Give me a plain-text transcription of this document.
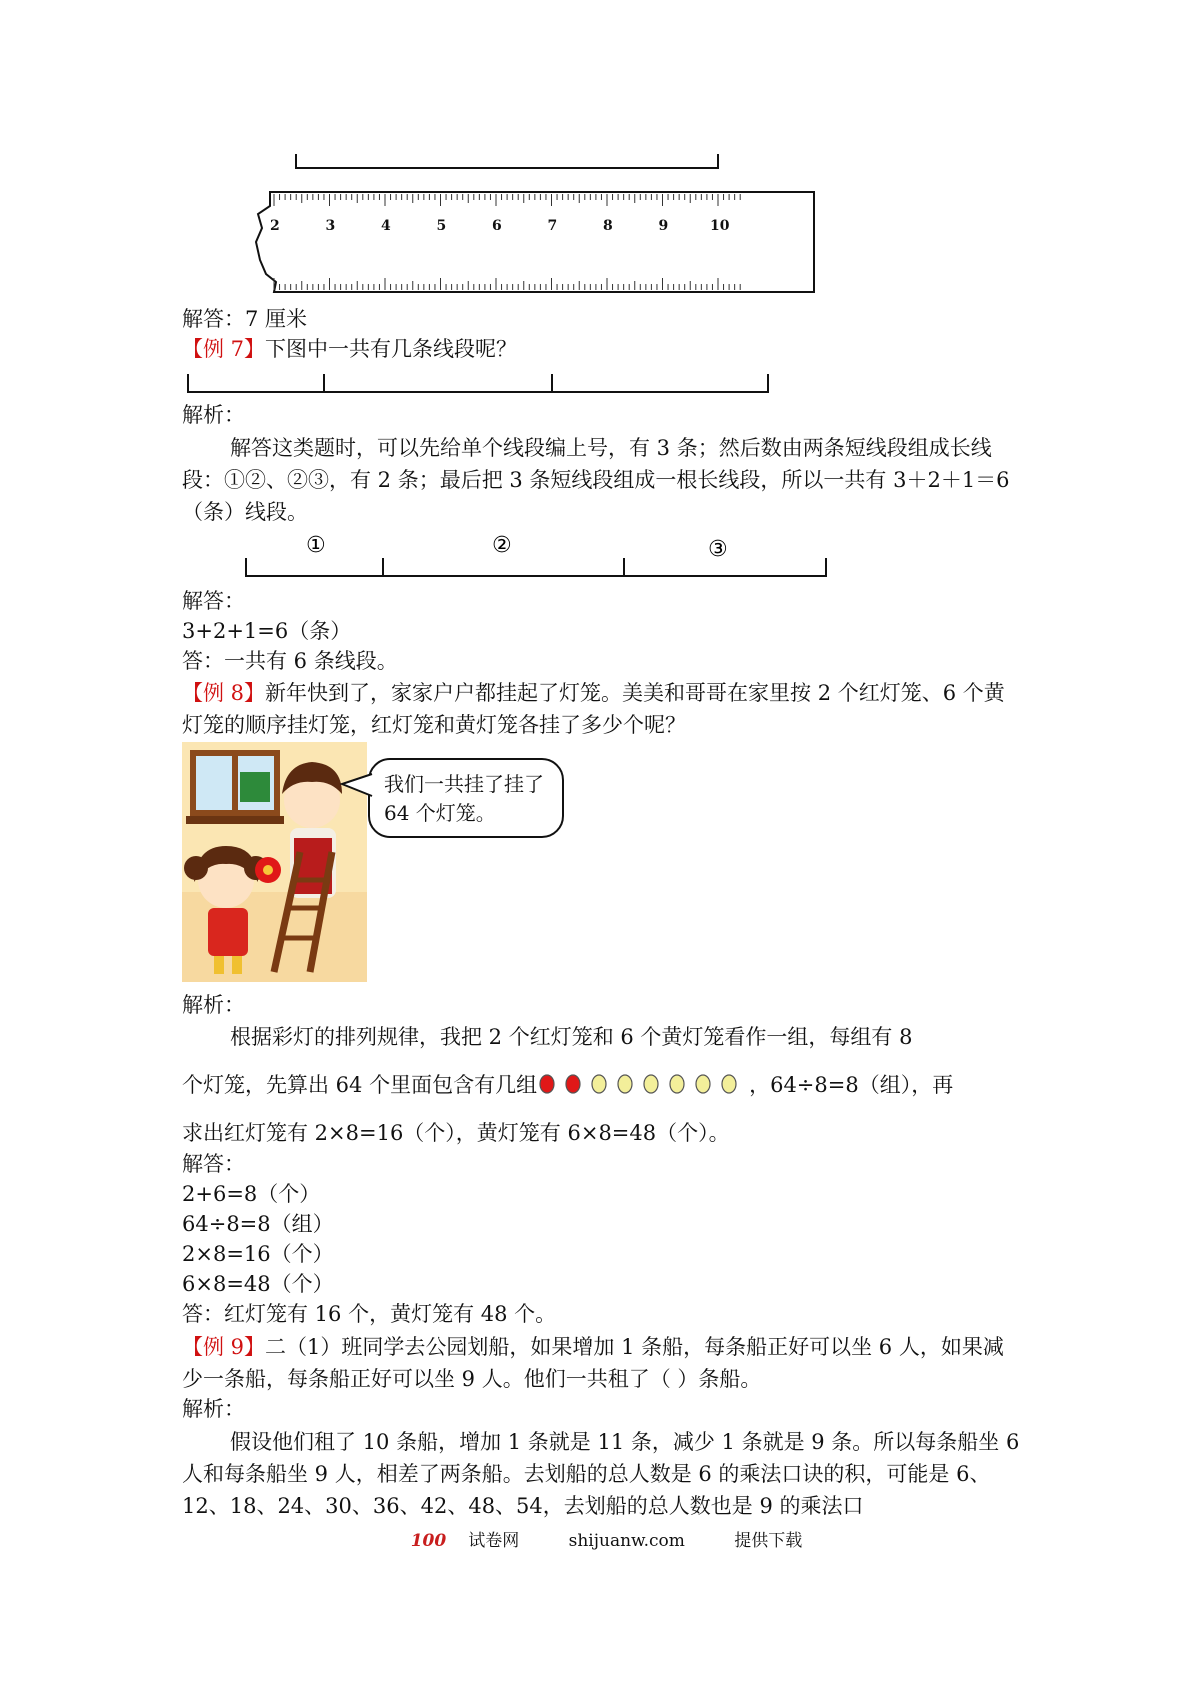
2	3	4	5	6	7	8	9	10
解答：7 厘米
【例 7】下图中一共有几条线段呢？
解析：
解答这类题时，可以先给单个线段编上号，有 3 条；然后数由两条短线段组成长线段：①②、②③，有 2 条；最后把 3 条短线段组成一根长线段，所以一共有 3＋2＋1＝6（条）线段。
①	②	③
解答：
3+2+1=6（条）
答：一共有 6 条线段。
【例 8】新年快到了，家家户户都挂起了灯笼。美美和哥哥在家里按 2 个红灯笼、6 个黄灯笼的顺序挂灯笼，红灯笼和黄灯笼各挂了多少个呢？
我们一共挂了挂了 64 个灯笼。
解析：
根据彩灯的排列规律，我把 2 个红灯笼和 6 个黄灯笼看作一组，每组有 8
个灯笼，先算出 64 个里面包含有几组	，64÷8=8（组），再
求出红灯笼有 2×8=16（个），黄灯笼有 6×8=48（个）。
解答：
2+6=8（个）
64÷8=8（组）
2×8=16（个）
6×8=48（个）
答：红灯笼有 16 个，黄灯笼有 48 个。
【例 9】二（1）班同学去公园划船，如果增加 1 条船，每条船正好可以坐 6 人，如果减少一条船，每条船正好可以坐 9 人。他们一共租了（ ）条船。
解析：
假设他们租了 10 条船，增加 1 条就是 11 条，减少 1 条就是 9 条。所以每条船坐 6 人和每条船坐 9 人，相差了两条船。去划船的总人数是 6 的乘法口诀的积，可能是 6、12、18、24、30、36、42、48、54，去划船的总人数也是 9 的乘法口
100 试卷网	shijuanw.com	提供下载
